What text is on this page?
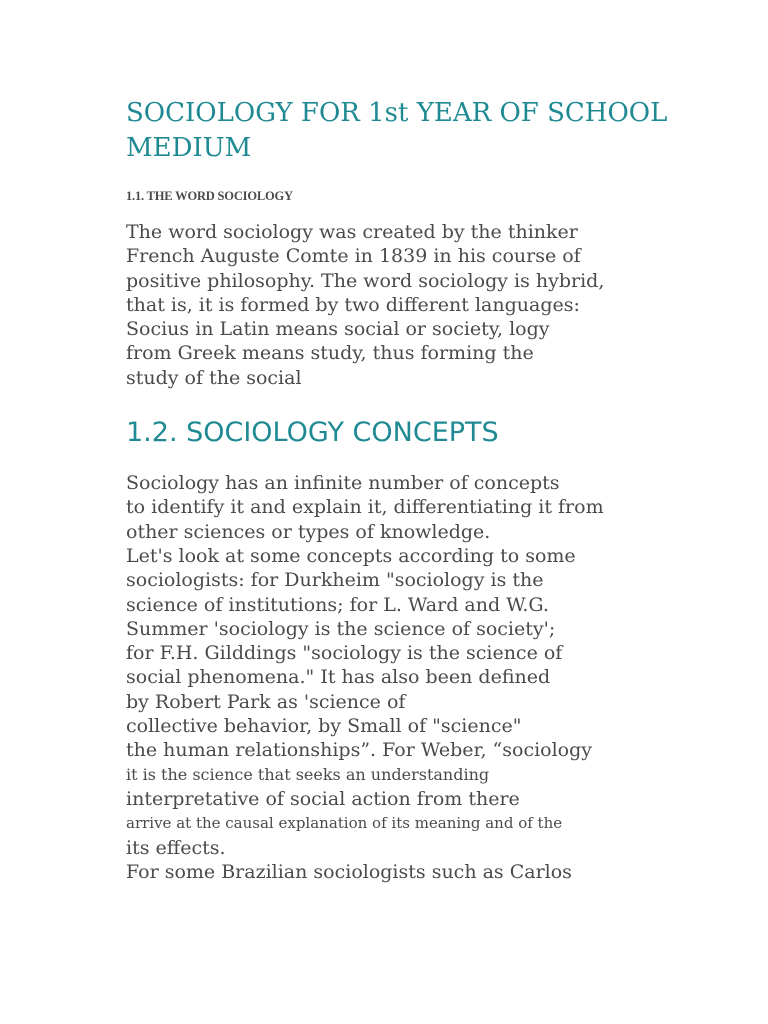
SOCIOLOGY FOR 1st YEAR OF SCHOOL
MEDIUM
1.1. THE WORD SOCIOLOGY
The word sociology was created by the thinker
French Auguste Comte in 1839 in his course of
positive philosophy. The word sociology is hybrid,
that is, it is formed by two different languages:
Socius in Latin means social or society, logy
from Greek means study, thus forming the
study of the social
1.2. SOCIOLOGY CONCEPTS
Sociology has an infinite number of concepts
to identify it and explain it, differentiating it from
other sciences or types of knowledge.
Let's look at some concepts according to some
sociologists: for Durkheim "sociology is the
science of institutions; for L. Ward and W.G.
Summer 'sociology is the science of society';
for F.H. Gilddings "sociology is the science of
social phenomena." It has also been defined
by Robert Park as 'science of
collective behavior, by Small of "science"
the human relationships”. For Weber, “sociology
it is the science that seeks an understanding
interpretative of social action from there
arrive at the causal explanation of its meaning and of the
its effects.
For some Brazilian sociologists such as Carlos
